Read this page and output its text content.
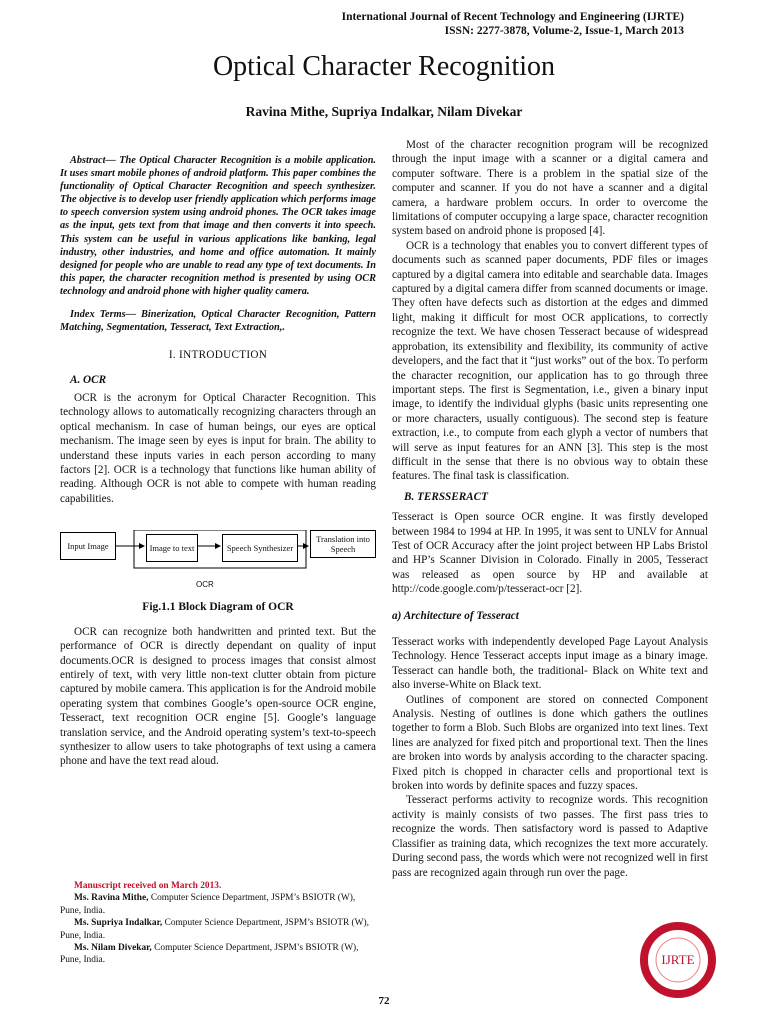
International Journal of Recent Technology and Engineering (IJRTE)
ISSN: 2277-3878, Volume-2, Issue-1, March 2013
Optical Character Recognition
Ravina Mithe, Supriya Indalkar, Nilam Divekar

Abstract— The Optical Character Recognition is a mobile application. It uses smart mobile phones of android platform. This paper combines the functionality of Optical Character Recognition and speech synthesizer. The objective is to develop user friendly application which performs image to speech conversion system using android phones. The OCR takes image as the input, gets text from that image and then converts it into speech. This system can be useful in various applications like banking, legal industry, other industries, and home and office automation. It mainly designed for people who are unable to read any type of text documents. In this paper, the character recognition method is presented by using OCR technology and android phone with higher quality camera.

Index Terms— Binerization, Optical Character Recognition, Pattern Matching, Segmentation, Tesseract, Text Extraction,.

I. INTRODUCTION

A. OCR

OCR is the acronym for Optical Character Recognition. This technology allows to automatically recognizing characters through an optical mechanism. In case of human beings, our eyes are optical mechanism. The image seen by eyes is input for brain. The ability to understand these inputs varies in each person according to many factors [2]. OCR is a technology that functions like human ability of reading. Although OCR is not able to compete with human reading capabilities.

Input Image	Image to text	Speech Synthesizer
Translation into Speech
OCR

Fig.1.1 Block Diagram of OCR

OCR can recognize both handwritten and printed text. But the performance of OCR is directly dependant on quality of input documents.OCR is designed to process images that consist almost entirely of text, with very little non-text clutter obtain from picture captured by mobile camera. This application is for the Android mobile operating system that combines Google’s open-source OCR engine, Tesseract, text recognition OCR engine [5]. Google’s language translation service, and the Android operating system’s text-to-speech synthesizer to allow users to take photographs of text using a camera phone and have the text read aloud.

Manuscript received on March 2013.

Ms. Ravina Mithe, Computer Science Department, JSPM’s BSIOTR (W), Pune, India.

Ms. Supriya Indalkar, Computer Science Department, JSPM’s BSIOTR (W), Pune, India.

Ms. Nilam Divekar, Computer Science Department, JSPM’s BSIOTR (W), Pune, India.

Most of the character recognition program will be recognized through the input image with a scanner or a digital camera and computer software. There is a problem in the spatial size of the computer and scanner. If you do not have a scanner and a digital camera, a hardware problem occurs. In order to overcome the limitations of computer occupying a large space, character recognition system based on android phone is proposed [4].

OCR is a technology that enables you to convert different types of documents such as scanned paper documents, PDF files or images captured by a digital camera into editable and searchable data. Images captured by a digital camera differ from scanned documents or image. They often have defects such as distortion at the edges and dimmed light, making it difficult for most OCR applications, to correctly recognize the text. We have chosen Tesseract because of widespread approbation, its extensibility and flexibility, its community of active developers, and the fact that it “just works” out of the box. To perform the character recognition, our application has to go through three important steps. The first is Segmentation, i.e., given a binary input image, to identify the individual glyphs (basic units representing one or more characters, usually contiguous). The second step is feature extraction, i.e., to compute from each glyph a vector of numbers that will serve as input features for an ANN [3]. This step is the most difficult in the sense that there is no obvious way to obtain these features. The final task is classification.

B. TERSSERACT

Tesseract is Open source OCR engine. It was firstly developed between 1984 to 1994 at HP. In 1995, it was sent to UNLV for Annual Test of OCR Accuracy after the joint project between HP Labs Bristol and HP’s Scanner Division in Colorado. Finally in 2005, Tesseract was released as open source by HP and available at http://code.google.com/p/tesseract-ocr [2].

a) Architecture of Tesseract

Tesseract works with independently developed Page Layout Analysis Technology. Hence Tesseract accepts input image as a binary image. Tesseract can handle both, the traditional- Black on White text and also inverse-White on Black text.

Outlines of component are stored on connected Component Analysis. Nesting of outlines is done which gathers the outlines together to form a Blob. Such Blobs are organized into text lines. Text lines are analyzed for fixed pitch and proportional text. Then the lines are broken into words by analysis according to the character spacing. Fixed pitch is chopped in character cells and proportional text is broken into words by definite spaces and fuzzy spaces.

Tesseract performs activity to recognize words. This recognition activity is mainly consists of two passes. The first pass tries to recognize the words. Then satisfactory word is passed to Adaptive Classifier as training data, which recognizes the text more accurately. During second pass, the words which were not recognized well in first pass are recognized again through run over the page.

IJRTE
72
